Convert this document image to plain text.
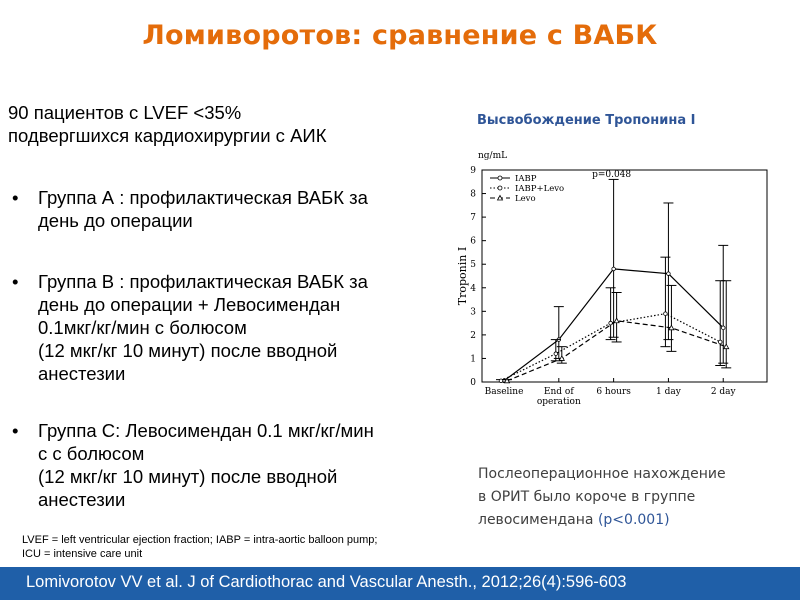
Ломиворотов: сравнение с ВАБК
90 пациентов с LVEF <35%
подвергшихся кардиохирургии с АИК
• Группа А : профилактическая ВАБК за
день до операции
• Группа B : профилактическая ВАБК за
день до операции + Левосимендан
0.1мкг/кг/мин с болюсом
(12 мкг/кг 10 минут) после вводной
анестезии
• Группа С: Левосимендан 0.1 мкг/кг/мин
с с болюсом
(12 мкг/кг 10 минут) после вводной
анестезии
LVEF = left ventricular ejection fraction; IABP = intra-aortic balloon pump;
ICU = intensive care unit
Высвобождение Тропонина I
0
1
2
3
4
5
6
7
8
9
ng/mL
Troponin I
Baseline End of
operation
6 hours	1 day	2 day
p=0.048
IABP
IABP+Levo
Levo
Послеоперационное нахождение
в ОРИТ было короче в группе
левосимендана (p<0.001)
Lomivorotov VV et al. J of Cardiothorac and Vascular Anesth., 2012;26(4):596-603
